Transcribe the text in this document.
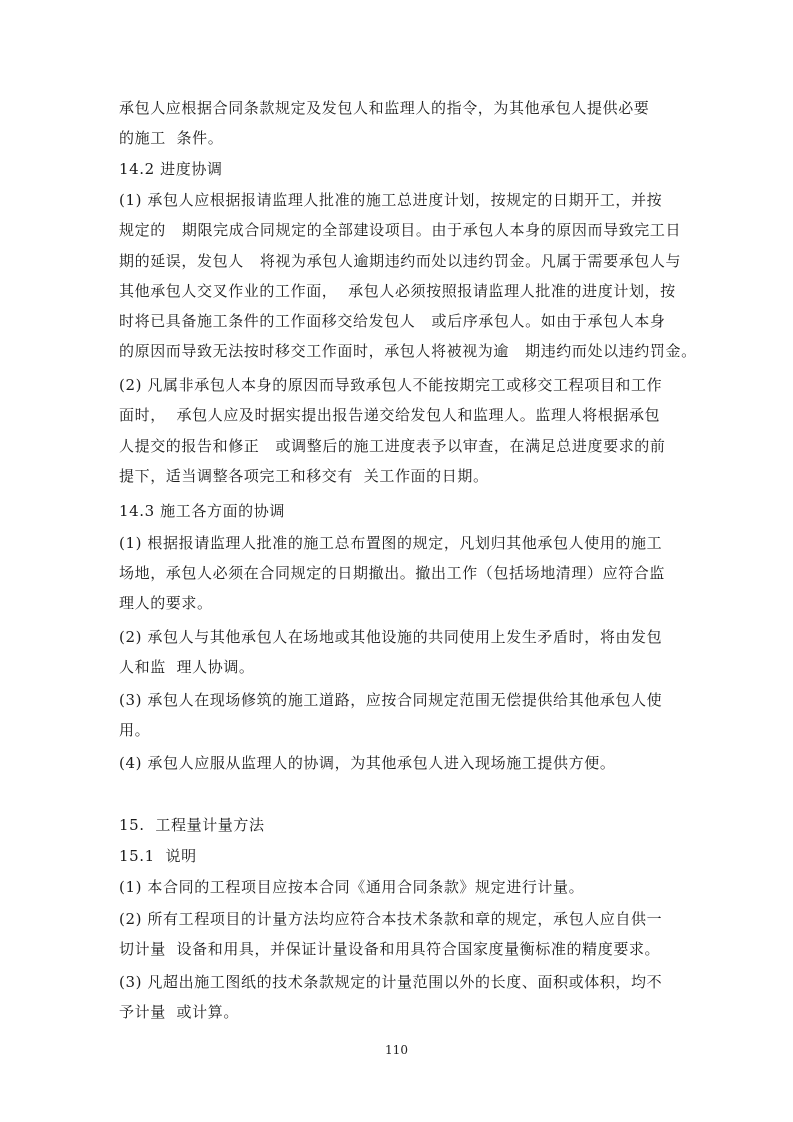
承包人应根据合同条款规定及发包人和监理人的指令，为其他承包人提供必要

的施工  条件。

14.2 进度协调

(1) 承包人应根据报请监理人批准的施工总进度计划，按规定的日期开工，并按

规定的   期限完成合同规定的全部建设项目。由于承包人本身的原因而导致完工日

期的延误，发包人   将视为承包人逾期违约而处以违约罚金。凡属于需要承包人与

其他承包人交叉作业的工作面，  承包人必须按照报请监理人批准的进度计划，按

时将已具备施工条件的工作面移交给发包人   或后序承包人。如由于承包人本身

的原因而导致无法按时移交工作面时，承包人将被视为逾   期违约而处以违约罚金。

(2) 凡属非承包人本身的原因而导致承包人不能按期完工或移交工程项目和工作

面时，  承包人应及时据实提出报告递交给发包人和监理人。监理人将根据承包

人提交的报告和修正   或调整后的施工进度表予以审查，在满足总进度要求的前

提下，适当调整各项完工和移交有  关工作面的日期。

14.3 施工各方面的协调

(1) 根据报请监理人批准的施工总布置图的规定，凡划归其他承包人使用的施工

场地，承包人必须在合同规定的日期撤出。撤出工作（包括场地清理）应符合监

理人的要求。

(2) 承包人与其他承包人在场地或其他设施的共同使用上发生矛盾时，将由发包

人和监  理人协调。

(3) 承包人在现场修筑的施工道路，应按合同规定范围无偿提供给其他承包人使

用。

(4) 承包人应服从监理人的协调，为其他承包人进入现场施工提供方便。

15.  工程量计量方法

15.1  说明

(1) 本合同的工程项目应按本合同《通用合同条款》规定进行计量。

(2) 所有工程项目的计量方法均应符合本技术条款和章的规定，承包人应自供一

切计量  设备和用具，并保证计量设备和用具符合国家度量衡标准的精度要求。

(3) 凡超出施工图纸的技术条款规定的计量范围以外的长度、面积或体积，均不

予计量  或计算。

110
